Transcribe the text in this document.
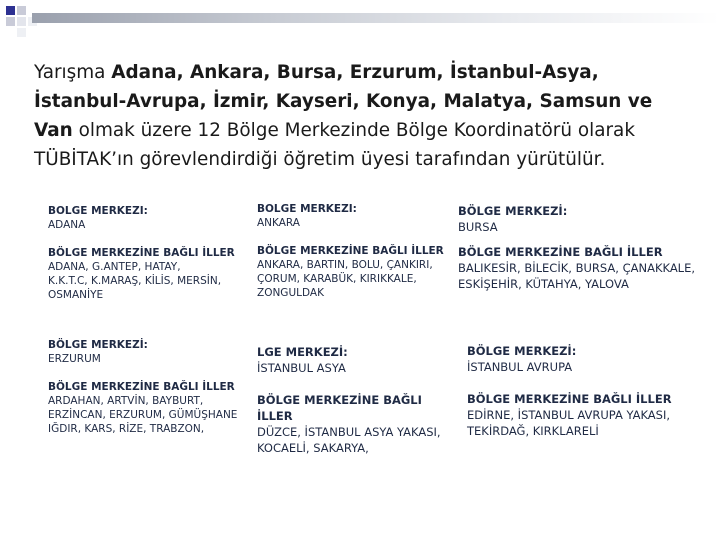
Yarışma Adana, Ankara, Bursa, Erzurum, İstanbul-Asya, İstanbul-Avrupa, İzmir, Kayseri, Konya, Malatya, Samsun ve Van olmak üzere 12 Bölge Merkezinde Bölge Koordinatörü olarak TÜBİTAK’ın görevlendirdiği öğretim üyesi tarafından yürütülür.
BOLGE MERKEZI:
ADANA
BÖLGE MERKEZİNE BAĞLI İLLER
ADANA, G.ANTEP, HATAY,
K.K.T.C, K.MARAŞ, KİLİS, MERSİN,
OSMANİYE
BOLGE MERKEZI:
ANKARA
BÖLGE MERKEZİNE BAĞLI İLLER
ANKARA, BARTIN, BOLU, ÇANKIRI,
ÇORUM, KARABÜK, KIRIKKALE,
ZONGULDAK
BÖLGE MERKEZİ:
BURSA
BÖLGE MERKEZİNE BAĞLI İLLER
BALIKESİR, BİLECİK, BURSA, ÇANAKKALE,
ESKİŞEHİR, KÜTAHYA, YALOVA
BÖLGE MERKEZİ:
ERZURUM
BÖLGE MERKEZİNE BAĞLI İLLER
ARDAHAN, ARTVİN, BAYBURT,
ERZİNCAN, ERZURUM, GÜMÜŞHANE
IĞDIR, KARS, RİZE, TRABZON,
LGE MERKEZİ:
İSTANBUL ASYA
BÖLGE MERKEZİNE BAĞLI İLLER
DÜZCE, İSTANBUL ASYA YAKASI,
KOCAELİ, SAKARYA,
BÖLGE MERKEZİ:
İSTANBUL AVRUPA
BÖLGE MERKEZİNE BAĞLI İLLER
EDİRNE, İSTANBUL AVRUPA YAKASI,
TEKİRDAĞ, KIRKLARELİ
